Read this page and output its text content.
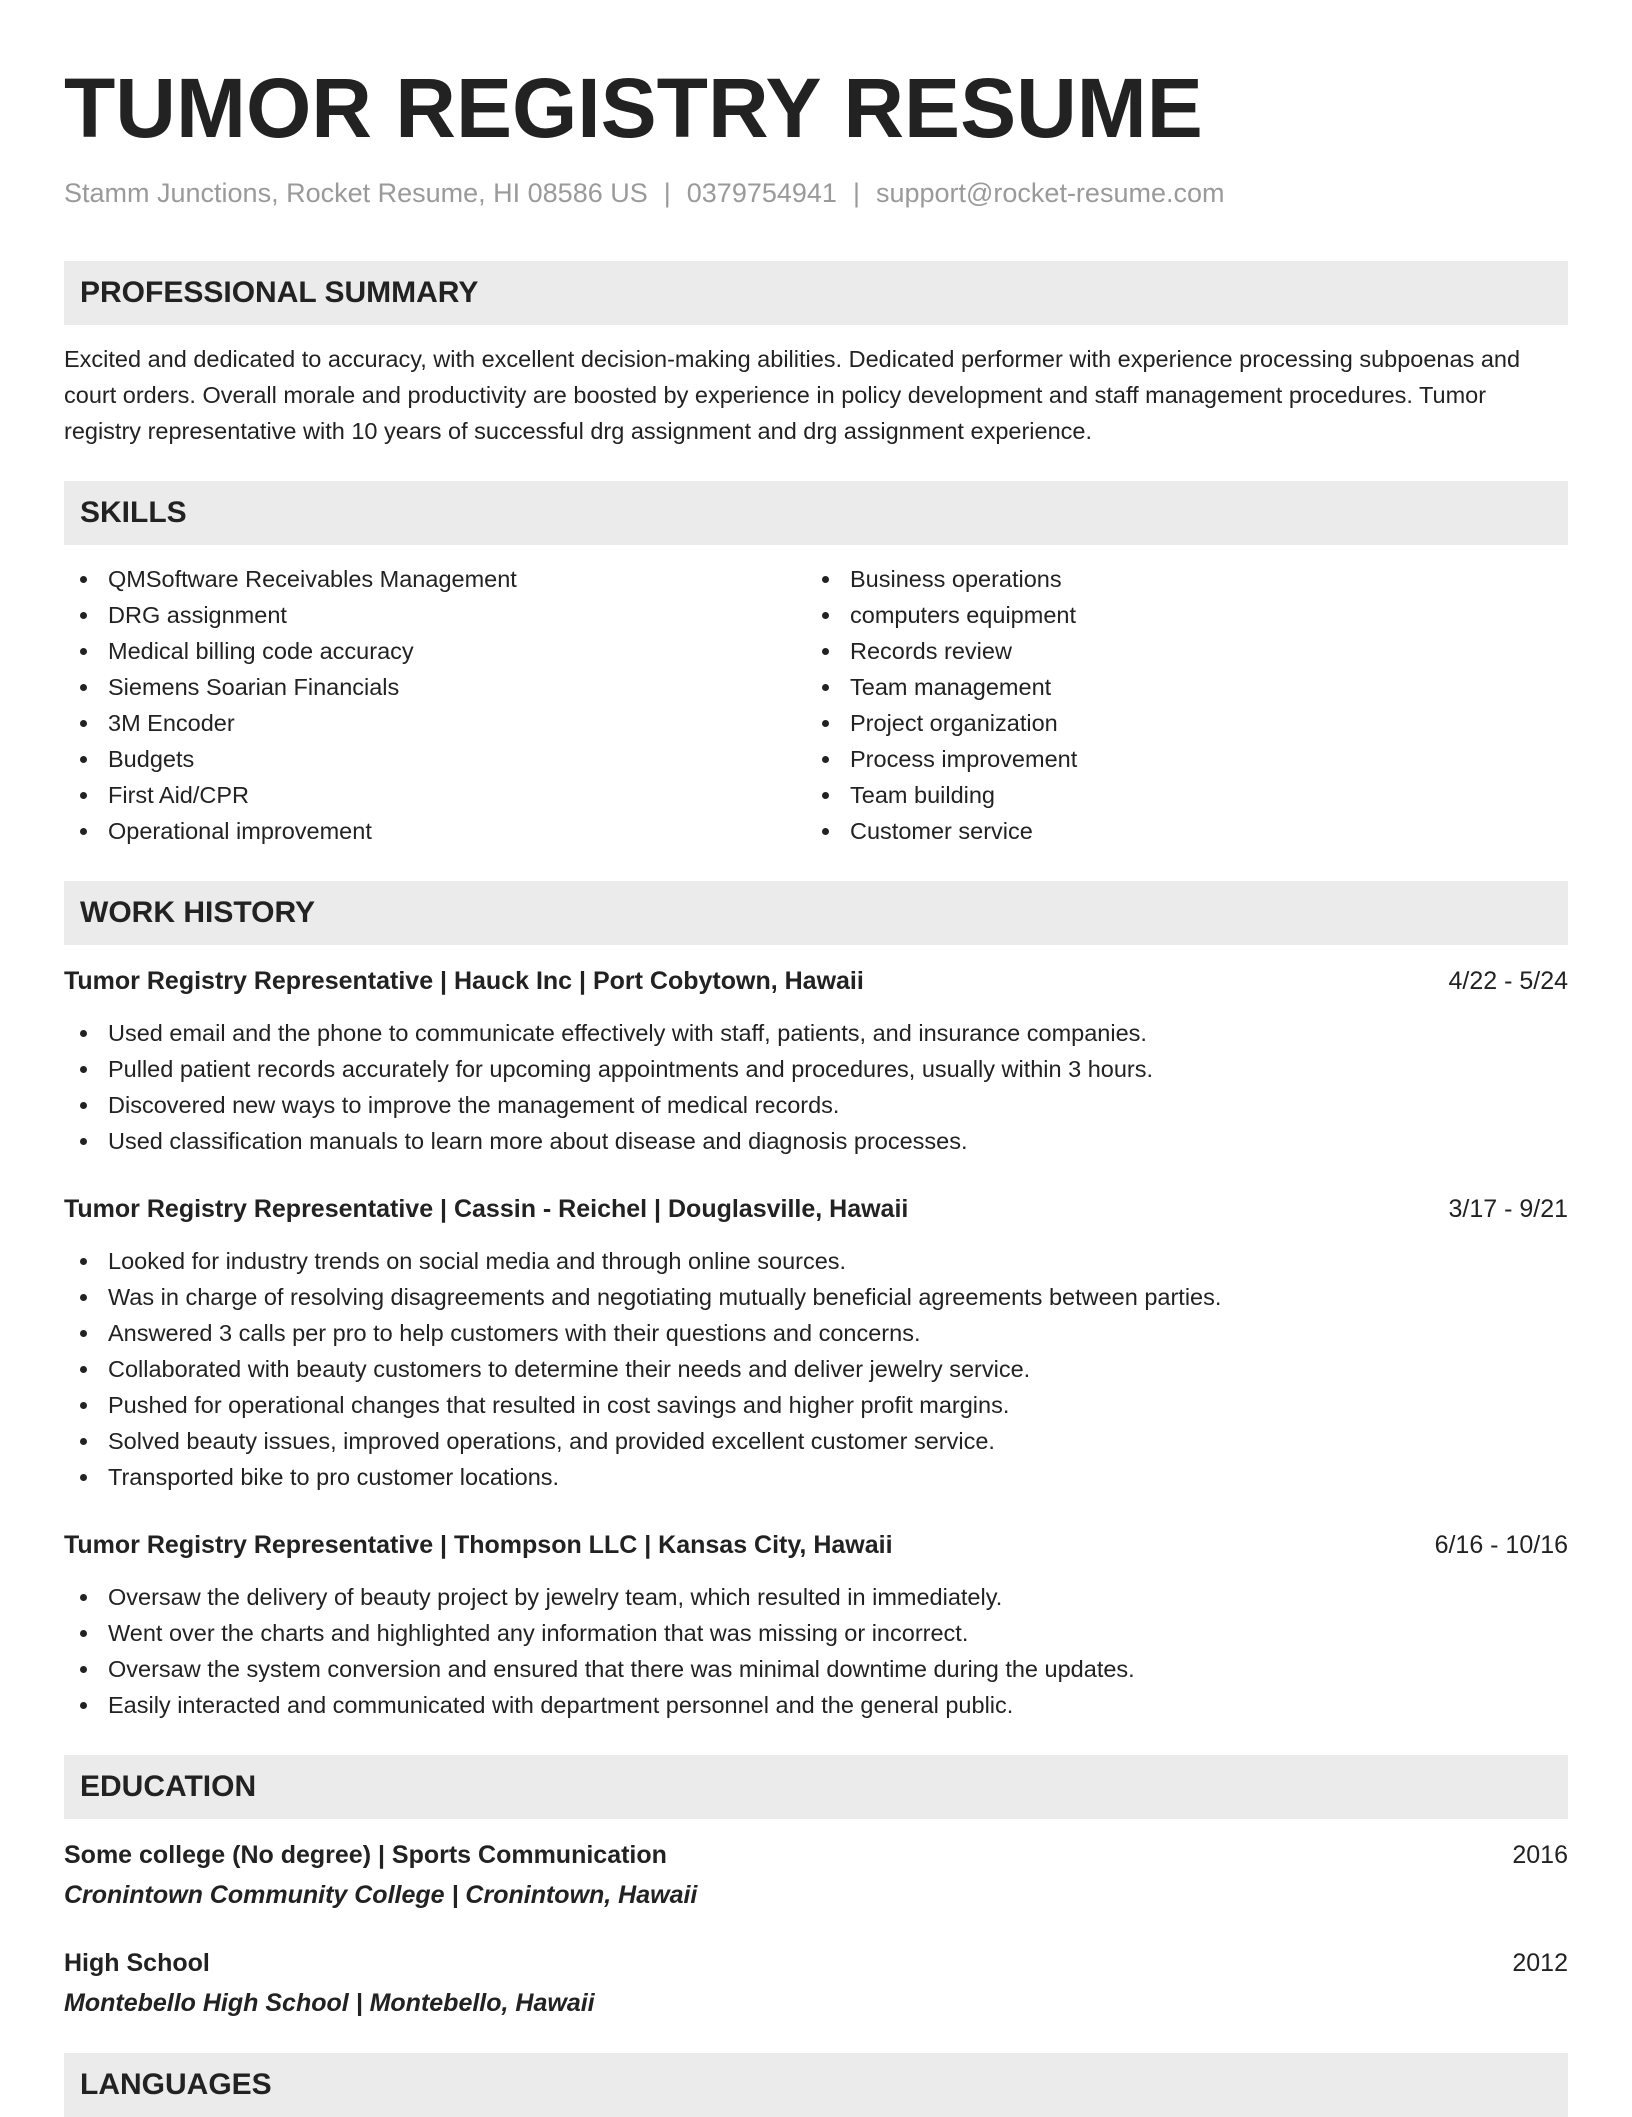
TUMOR REGISTRY RESUME
Stamm Junctions, Rocket Resume, HI 08586 US | 0379754941 | support@rocket-resume.com
PROFESSIONAL SUMMARY
Excited and dedicated to accuracy, with excellent decision-making abilities. Dedicated performer with experience processing subpoenas and court orders. Overall morale and productivity are boosted by experience in policy development and staff management procedures. Tumor registry representative with 10 years of successful drg assignment and drg assignment experience.
SKILLS
QMSoftware Receivables Management
DRG assignment
Medical billing code accuracy
Siemens Soarian Financials
3M Encoder
Budgets
First Aid/CPR
Operational improvement
Business operations
computers equipment
Records review
Team management
Project organization
Process improvement
Team building
Customer service
WORK HISTORY
Tumor Registry Representative | Hauck Inc | Port Cobytown, Hawaii	4/22 - 5/24
Used email and the phone to communicate effectively with staff, patients, and insurance companies.
Pulled patient records accurately for upcoming appointments and procedures, usually within 3 hours.
Discovered new ways to improve the management of medical records.
Used classification manuals to learn more about disease and diagnosis processes.
Tumor Registry Representative | Cassin - Reichel | Douglasville, Hawaii	3/17 - 9/21
Looked for industry trends on social media and through online sources.
Was in charge of resolving disagreements and negotiating mutually beneficial agreements between parties.
Answered 3 calls per pro to help customers with their questions and concerns.
Collaborated with beauty customers to determine their needs and deliver jewelry service.
Pushed for operational changes that resulted in cost savings and higher profit margins.
Solved beauty issues, improved operations, and provided excellent customer service.
Transported bike to pro customer locations.
Tumor Registry Representative | Thompson LLC | Kansas City, Hawaii	6/16 - 10/16
Oversaw the delivery of beauty project by jewelry team, which resulted in immediately.
Went over the charts and highlighted any information that was missing or incorrect.
Oversaw the system conversion and ensured that there was minimal downtime during the updates.
Easily interacted and communicated with department personnel and the general public.
EDUCATION
Some college (No degree) | Sports Communication	2016
Cronintown Community College | Cronintown, Hawaii
High School	2012
Montebello High School | Montebello, Hawaii
LANGUAGES
